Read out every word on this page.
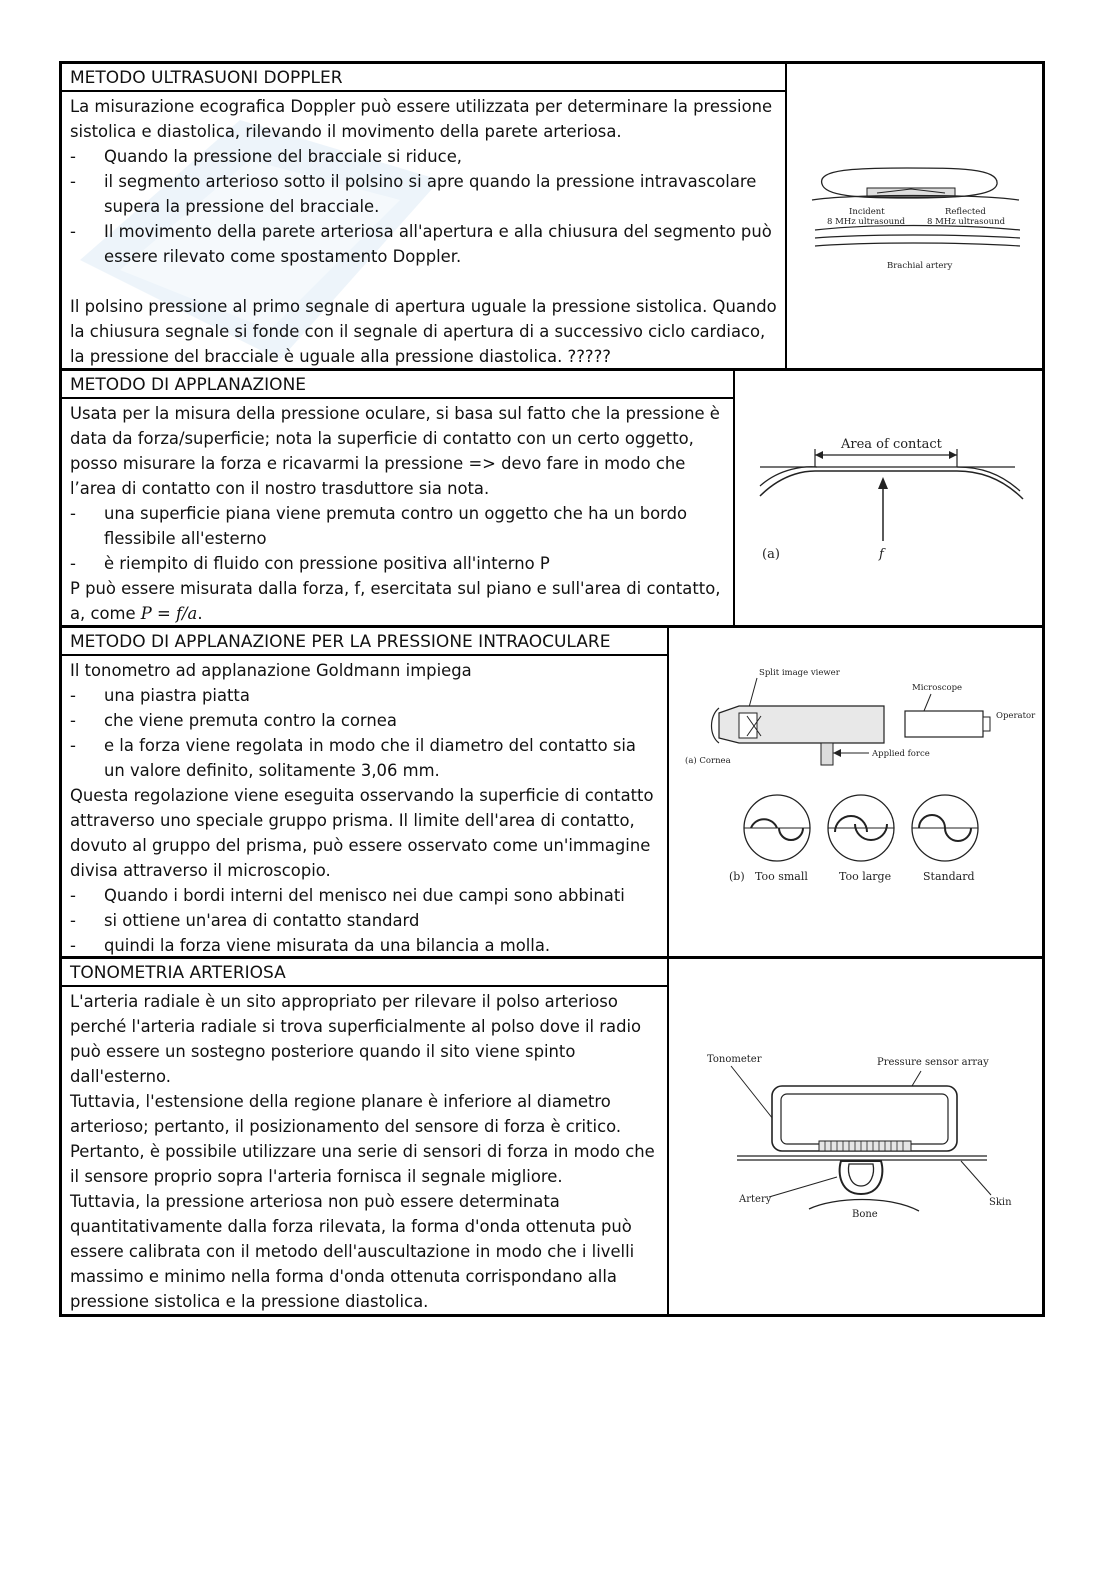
METODO ULTRASUONI DOPPLER

La misurazione ecografica Doppler può essere utilizzata per determinare la pressione sistolica e diastolica, rilevando il movimento della parete arteriosa.

- Quando la pressione del bracciale si riduce,
- il segmento arterioso sotto il polsino si apre quando la pressione intravascolare supera la pressione del bracciale.
- Il movimento della parete arteriosa all'apertura e alla chiusura del segmento può essere rilevato come spostamento Doppler.

Il polsino pressione al primo segnale di apertura uguale la pressione sistolica. Quando la chiusura segnale si fonde con il segnale di apertura di a successivo ciclo cardiaco, la pressione del bracciale è uguale alla pressione diastolica. ?????

Incident
8 MHz ultrasound
Reflected
8 MHz ultrasound
Brachial artery
METODO DI APPLANAZIONE

Usata per la misura della pressione oculare, si basa sul fatto che la pressione è data da forza/superficie; nota la superficie di contatto con un certo oggetto, posso misurare la forza e ricavarmi la pressione => devo fare in modo che l’area di contatto con il nostro trasduttore sia nota.

- una superficie piana viene premuta contro un oggetto che ha un bordo flessibile all'esterno
- è riempito di fluido con pressione positiva all'interno P

P può essere misurata dalla forza, f, esercitata sul piano e sull'area di contatto,
a, come P = f/a.

Area of contact
(a)	f
METODO DI APPLANAZIONE PER LA PRESSIONE INTRAOCULARE

Il tonometro ad applanazione Goldmann impiega

- una piastra piatta
- che viene premuta contro la cornea
- e la forza viene regolata in modo che il diametro del contatto sia un valore definito, solitamente 3,06 mm.

Questa regolazione viene eseguita osservando la superficie di contatto attraverso uno speciale gruppo prisma. Il limite dell'area di contatto, dovuto al gruppo del prisma, può essere osservato come un'immagine divisa attraverso il microscopio.

- Quando i bordi interni del menisco nei due campi sono abbinati
- si ottiene un'area di contatto standard
- quindi la forza viene misurata da una bilancia a molla.
Split image viewer
Applied force
(a) Cornea
Microscope
Operator
(b) Too small	Too large	Standard
TONOMETRIA ARTERIOSA

L'arteria radiale è un sito appropriato per rilevare il polso arterioso perché l'arteria radiale si trova superficialmente al polso dove il radio può essere un sostegno posteriore quando il sito viene spinto dall'esterno.

Tuttavia, l'estensione della regione planare è inferiore al diametro arterioso; pertanto, il posizionamento del sensore di forza è critico.

Pertanto, è possibile utilizzare una serie di sensori di forza in modo che il sensore proprio sopra l'arteria fornisca il segnale migliore.

Tuttavia, la pressione arteriosa non può essere determinata quantitativamente dalla forza rilevata, la forma d'onda ottenuta può essere calibrata con il metodo dell'auscultazione in modo che i livelli massimo e minimo nella forma d'onda ottenuta corrispondano alla pressione sistolica e la pressione diastolica.

Tonometer	Pressure sensor array
Artery
Bone
Skin
